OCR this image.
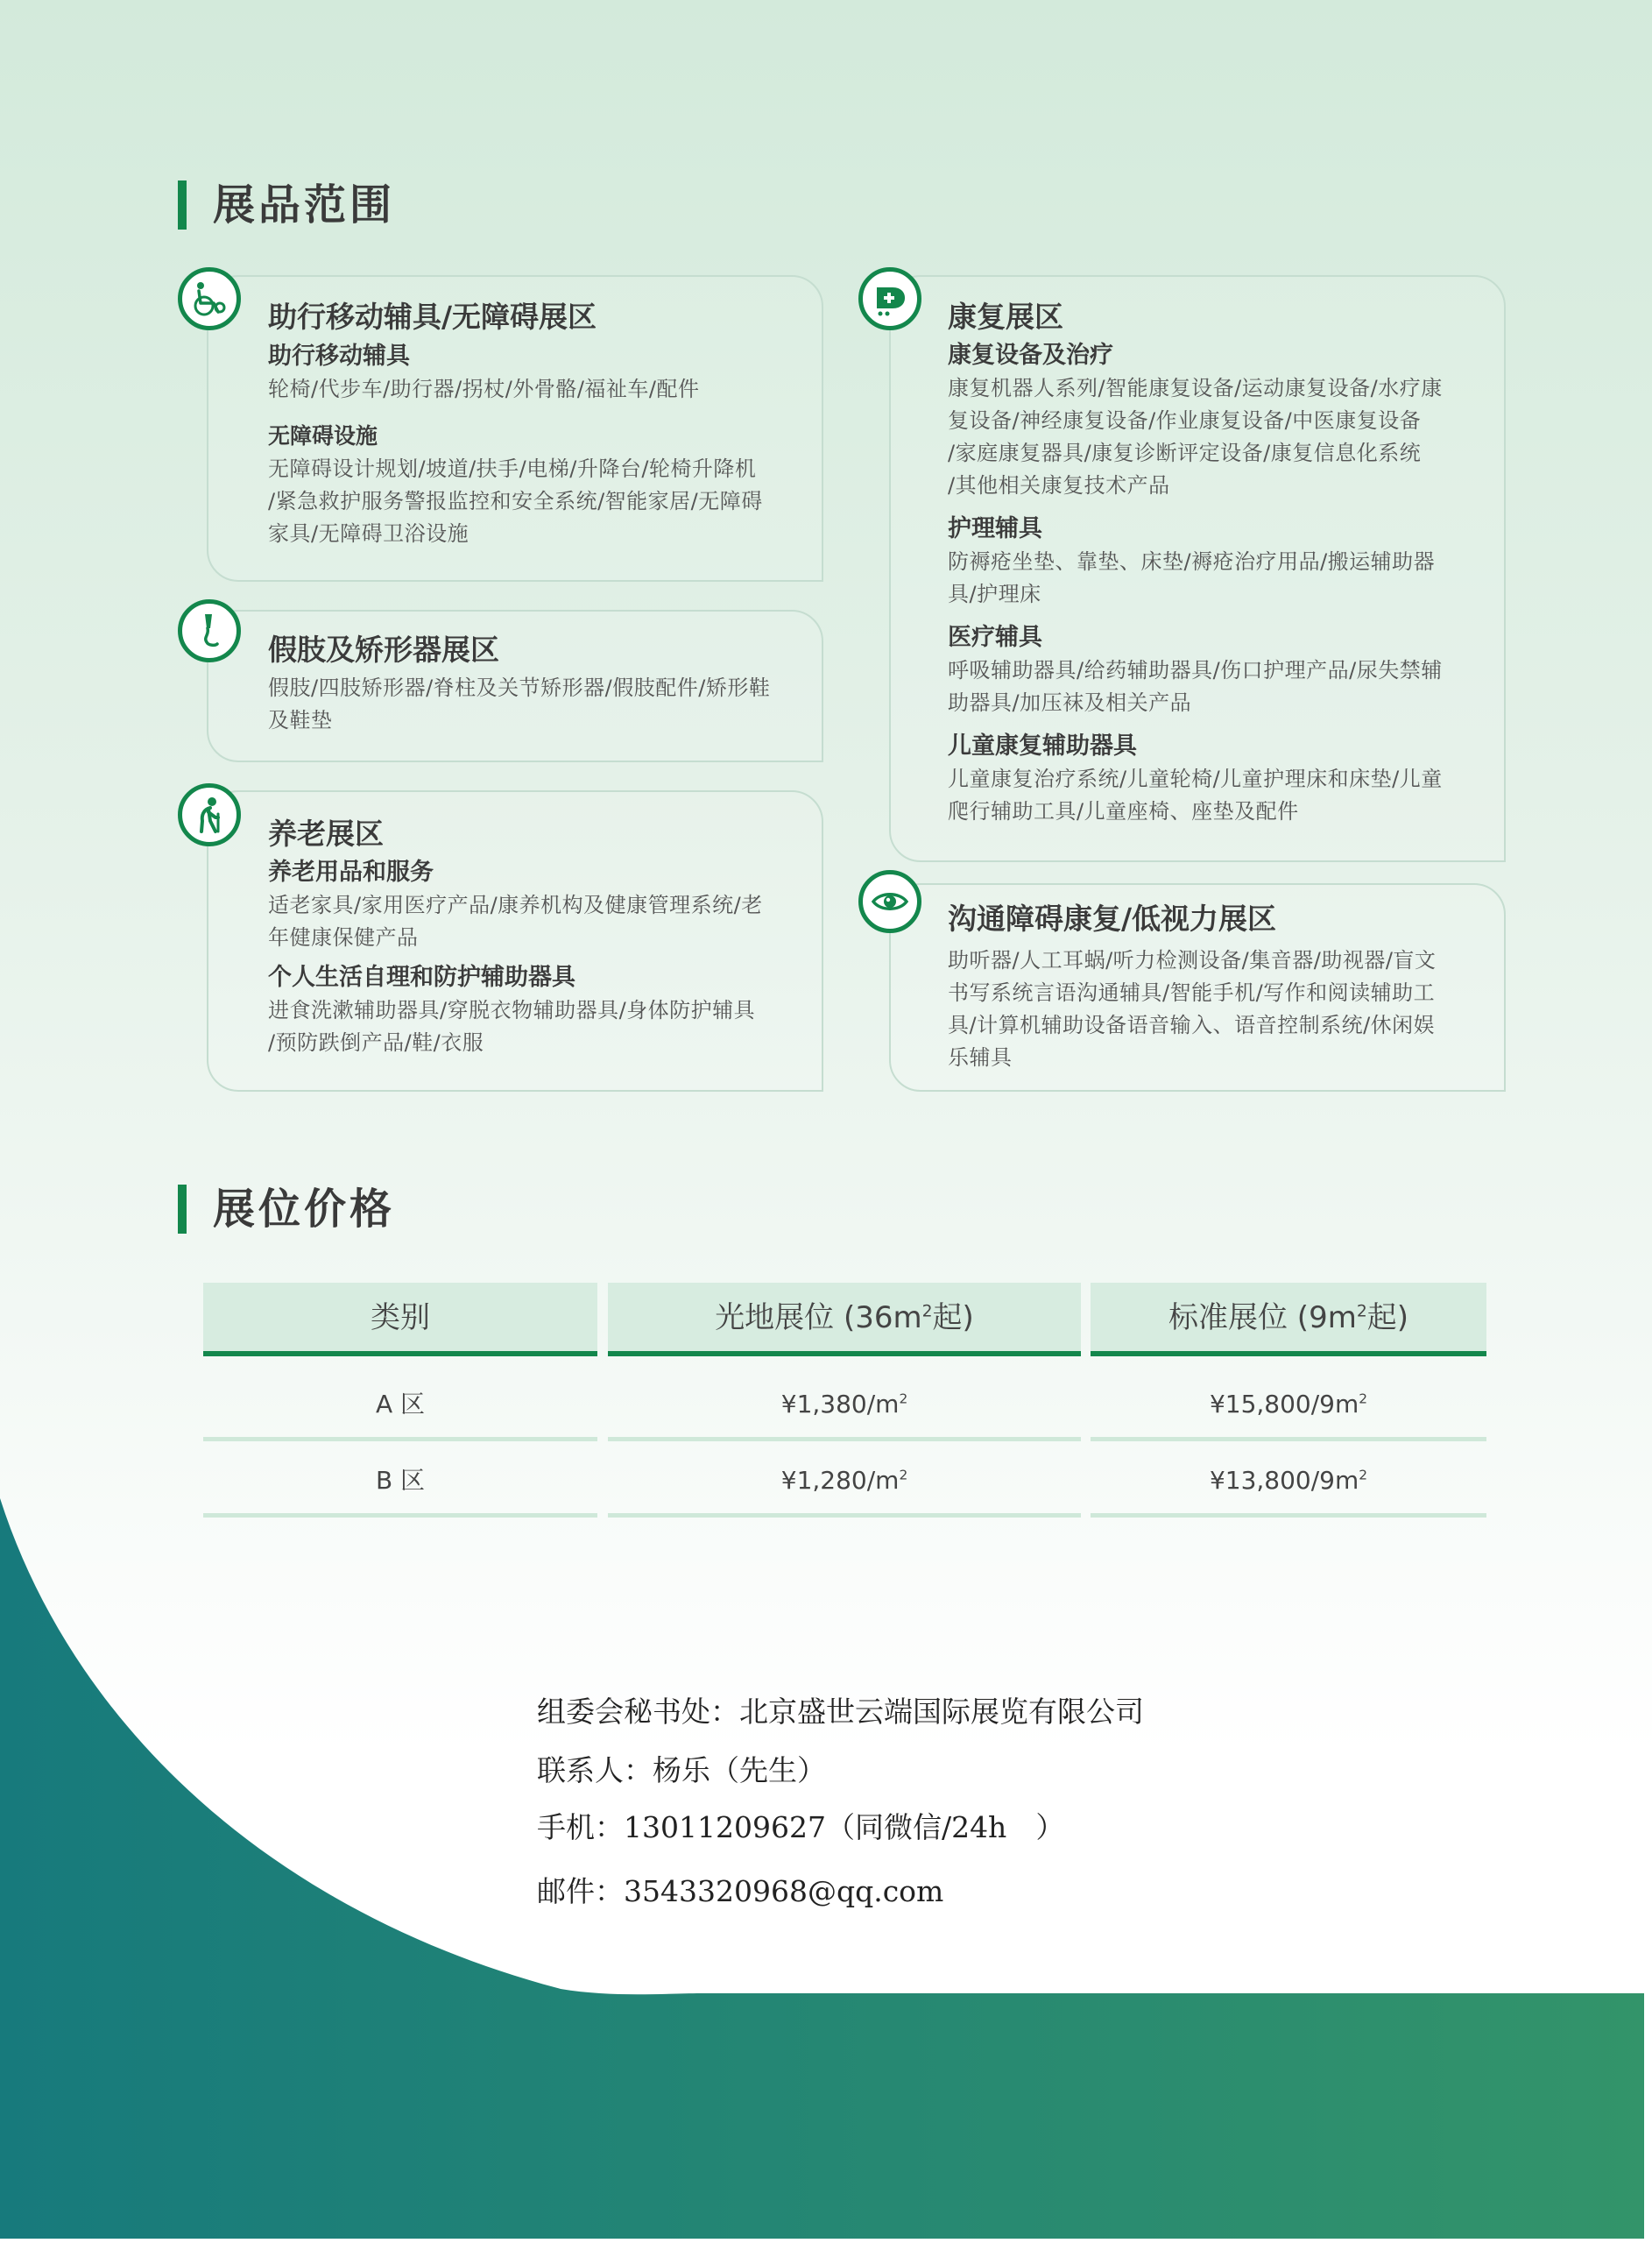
展品范围
助行移动辅具/无障碍展区
助行移动辅具
轮椅/代步车/助行器/拐杖/外骨骼/福祉车/配件
无障碍设施
无障碍设计规划/坡道/扶手/电梯/升降台/轮椅升降机
/紧急救护服务警报监控和安全系统/智能家居/无障碍
家具/无障碍卫浴设施
假肢及矫形器展区
假肢/四肢矫形器/脊柱及关节矫形器/假肢配件/矫形鞋
及鞋垫
养老展区
养老用品和服务
适老家具/家用医疗产品/康养机构及健康管理系统/老
年健康保健产品
个人生活自理和防护辅助器具
进食洗漱辅助器具/穿脱衣物辅助器具/身体防护辅具
/预防跌倒产品/鞋/衣服
康复展区
康复设备及治疗
康复机器人系列/智能康复设备/运动康复设备/水疗康
复设备/神经康复设备/作业康复设备/中医康复设备
/家庭康复器具/康复诊断评定设备/康复信息化系统
/其他相关康复技术产品
护理辅具
防褥疮坐垫、靠垫、床垫/褥疮治疗用品/搬运辅助器
具/护理床
医疗辅具
呼吸辅助器具/给药辅助器具/伤口护理产品/尿失禁辅
助器具/加压袜及相关产品
儿童康复辅助器具
儿童康复治疗系统/儿童轮椅/儿童护理床和床垫/儿童
爬行辅助工具/儿童座椅、座垫及配件
沟通障碍康复/低视力展区
助听器/人工耳蜗/听力检测设备/集音器/助视器/盲文
书写系统言语沟通辅具/智能手机/写作和阅读辅助工
具/计算机辅助设备语音输入、语音控制系统/休闲娱
乐辅具
展位价格
类别	光地展位 ($36m^2$起)	标准展位 ($9m^2$起)
A 区	$¥1,380/m^2$	$¥15,800/9m^2$
B 区	$¥1,280/m^2$	$¥13,800/9m^2$
组委会秘书处：北京盛世云端国际展览有限公司
联系人：杨乐（先生）
手机：13011209627（同微信/24h　）
邮件：3543320968@qq.com
